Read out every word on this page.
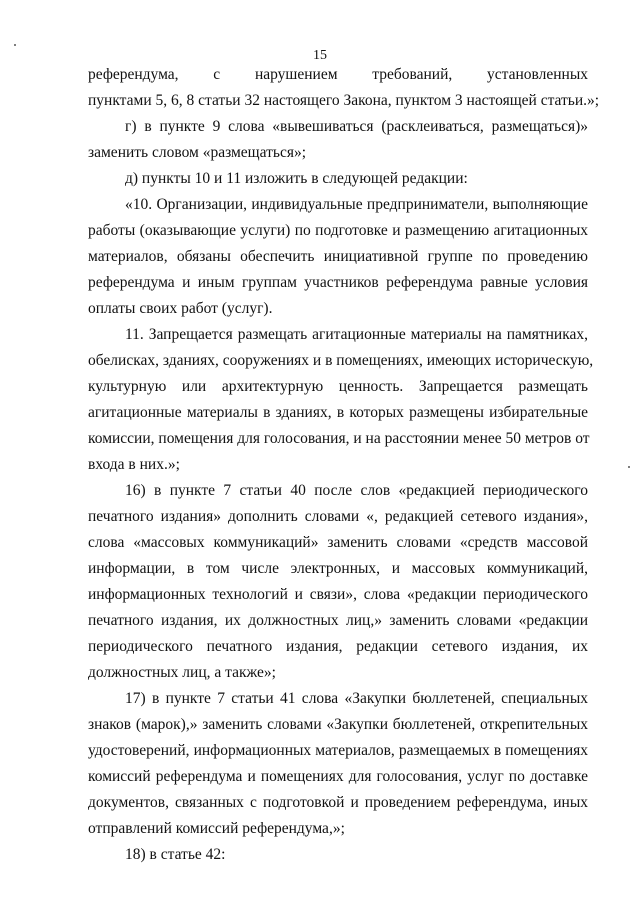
15
референдума, с нарушением требований, установленных
пунктами 5, 6, 8 статьи 32 настоящего Закона, пунктом 3 настоящей статьи.»;
г) в пункте 9 слова «вывешиваться (расклеиваться, размещаться)»
заменить словом «размещаться»;
д) пункты 10 и 11 изложить в следующей редакции:
«10. Организации, индивидуальные предприниматели, выполняющие
работы (оказывающие услуги) по подготовке и размещению агитационных
материалов, обязаны обеспечить инициативной группе по проведению
референдума и иным группам участников референдума равные условия
оплаты своих работ (услуг).
11. Запрещается размещать агитационные материалы на памятниках,
обелисках, зданиях, сооружениях и в помещениях, имеющих историческую,
культурную или архитектурную ценность. Запрещается размещать
агитационные материалы в зданиях, в которых размещены избирательные
комиссии, помещения для голосования, и на расстоянии менее 50 метров от
входа в них.»;
16) в пункте 7 статьи 40 после слов «редакцией периодического
печатного издания» дополнить словами «, редакцией сетевого издания»,
слова «массовых коммуникаций» заменить словами «средств массовой
информации, в том числе электронных, и массовых коммуникаций,
информационных технологий и связи», слова «редакции периодического
печатного издания, их должностных лиц,» заменить словами «редакции
периодического печатного издания, редакции сетевого издания, их
должностных лиц, а также»;
17) в пункте 7 статьи 41 слова «Закупки бюллетеней, специальных
знаков (марок),» заменить словами «Закупки бюллетеней, открепительных
удостоверений, информационных материалов, размещаемых в помещениях
комиссий референдума и помещениях для голосования, услуг по доставке
документов, связанных с подготовкой и проведением референдума, иных
отправлений комиссий референдума,»;
18) в статье 42:
